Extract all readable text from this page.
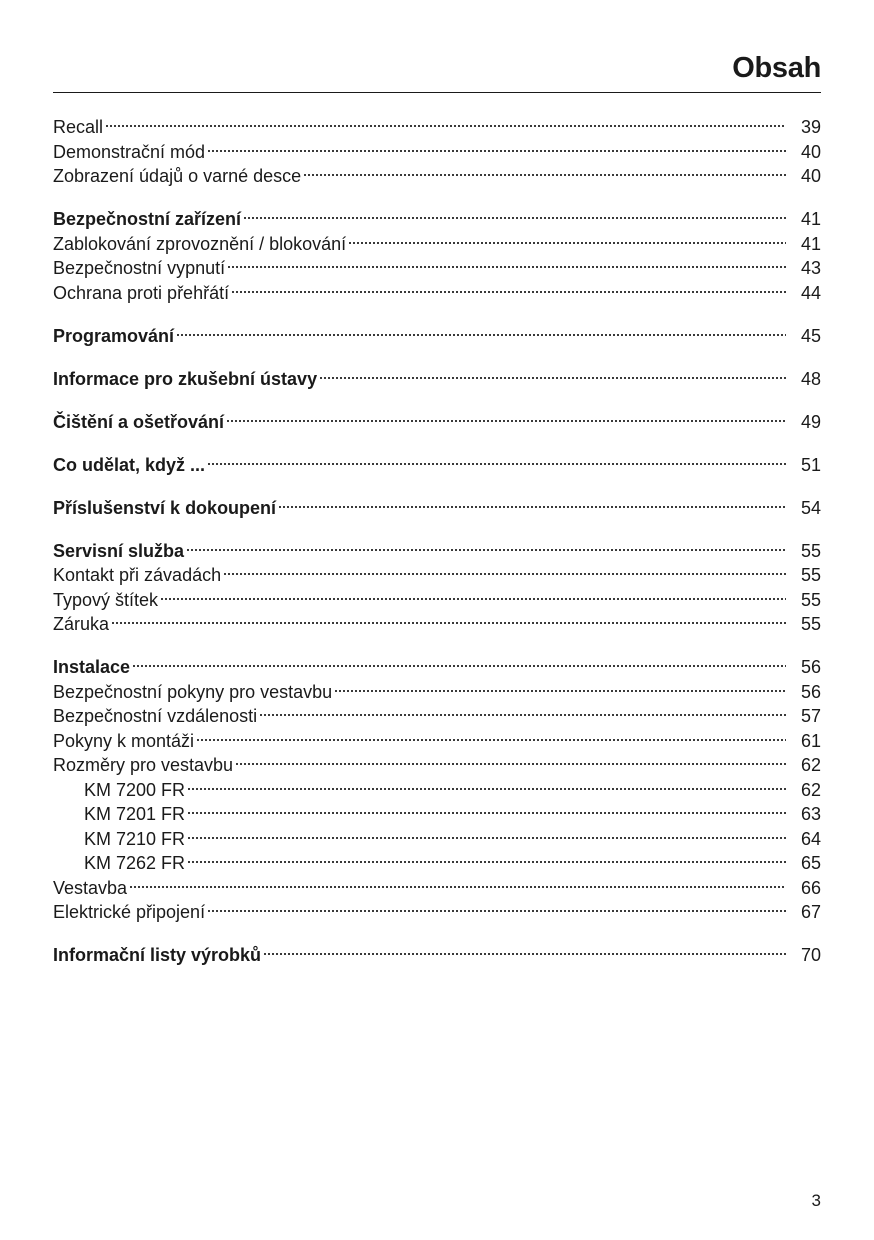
Obsah
Recall	39
Demonstrační mód	40
Zobrazení údajů o varné desce	40
Bezpečnostní zařízení	41
Zablokování zprovoznění / blokování	41
Bezpečnostní vypnutí	43
Ochrana proti přehřátí	44
Programování	45
Informace pro zkušební ústavy	48
Čištění a ošetřování	49
Co udělat, když ...	51
Příslušenství k dokoupení	54
Servisní služba	55
Kontakt při závadách	55
Typový štítek	55
Záruka	55
Instalace	56
Bezpečnostní pokyny pro vestavbu	56
Bezpečnostní vzdálenosti	57
Pokyny k montáži	61
Rozměry pro vestavbu	62
KM 7200 FR	62
KM 7201 FR	63
KM 7210 FR	64
KM 7262 FR	65
Vestavba	66
Elektrické připojení	67
Informační listy výrobků	70
3
